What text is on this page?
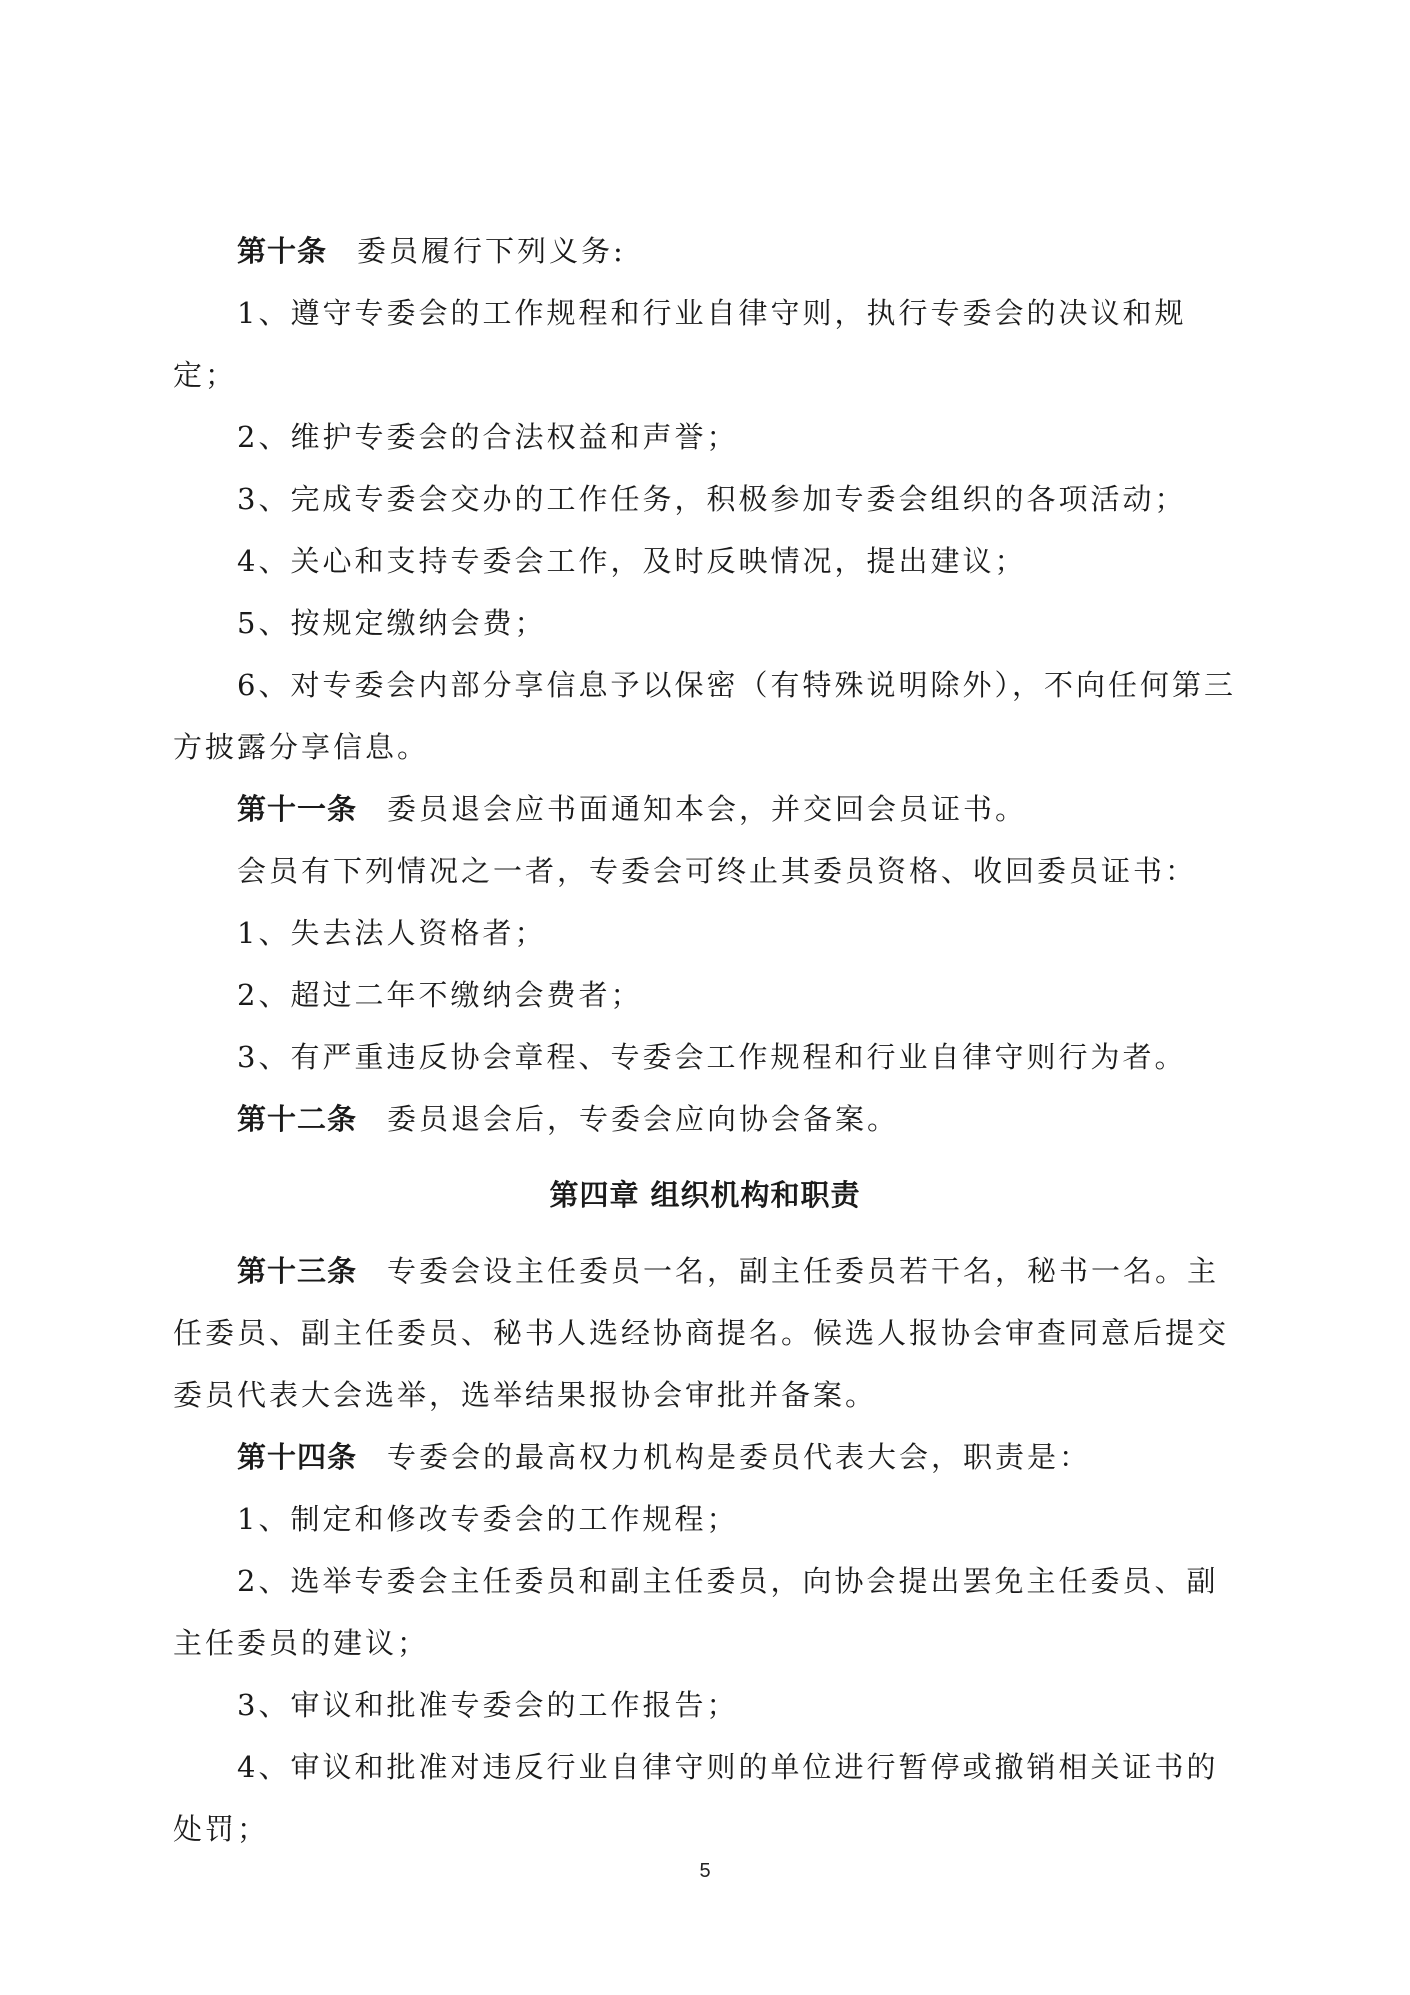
第十条 委员履行下列义务:

1、遵守专委会的工作规程和行业自律守则，执行专委会的决议和规定；

2、维护专委会的合法权益和声誉；

3、完成专委会交办的工作任务，积极参加专委会组织的各项活动；

4、关心和支持专委会工作，及时反映情况，提出建议；

5、按规定缴纳会费；

6、对专委会内部分享信息予以保密（有特殊说明除外），不向任何第三方披露分享信息。

第十一条 委员退会应书面通知本会，并交回会员证书。

会员有下列情况之一者，专委会可终止其委员资格、收回委员证书：

1、失去法人资格者；

2、超过二年不缴纳会费者；

3、有严重违反协会章程、专委会工作规程和行业自律守则行为者。

第十二条 委员退会后，专委会应向协会备案。

第四章 组织机构和职责

第十三条 专委会设主任委员一名，副主任委员若干名，秘书一名。主任委员、副主任委员、秘书人选经协商提名。候选人报协会审查同意后提交委员代表大会选举，选举结果报协会审批并备案。

第十四条 专委会的最高权力机构是委员代表大会，职责是：

1、制定和修改专委会的工作规程；

2、选举专委会主任委员和副主任委员，向协会提出罢免主任委员、副主任委员的建议；

3、审议和批准专委会的工作报告；

4、审议和批准对违反行业自律守则的单位进行暂停或撤销相关证书的处罚；

5
